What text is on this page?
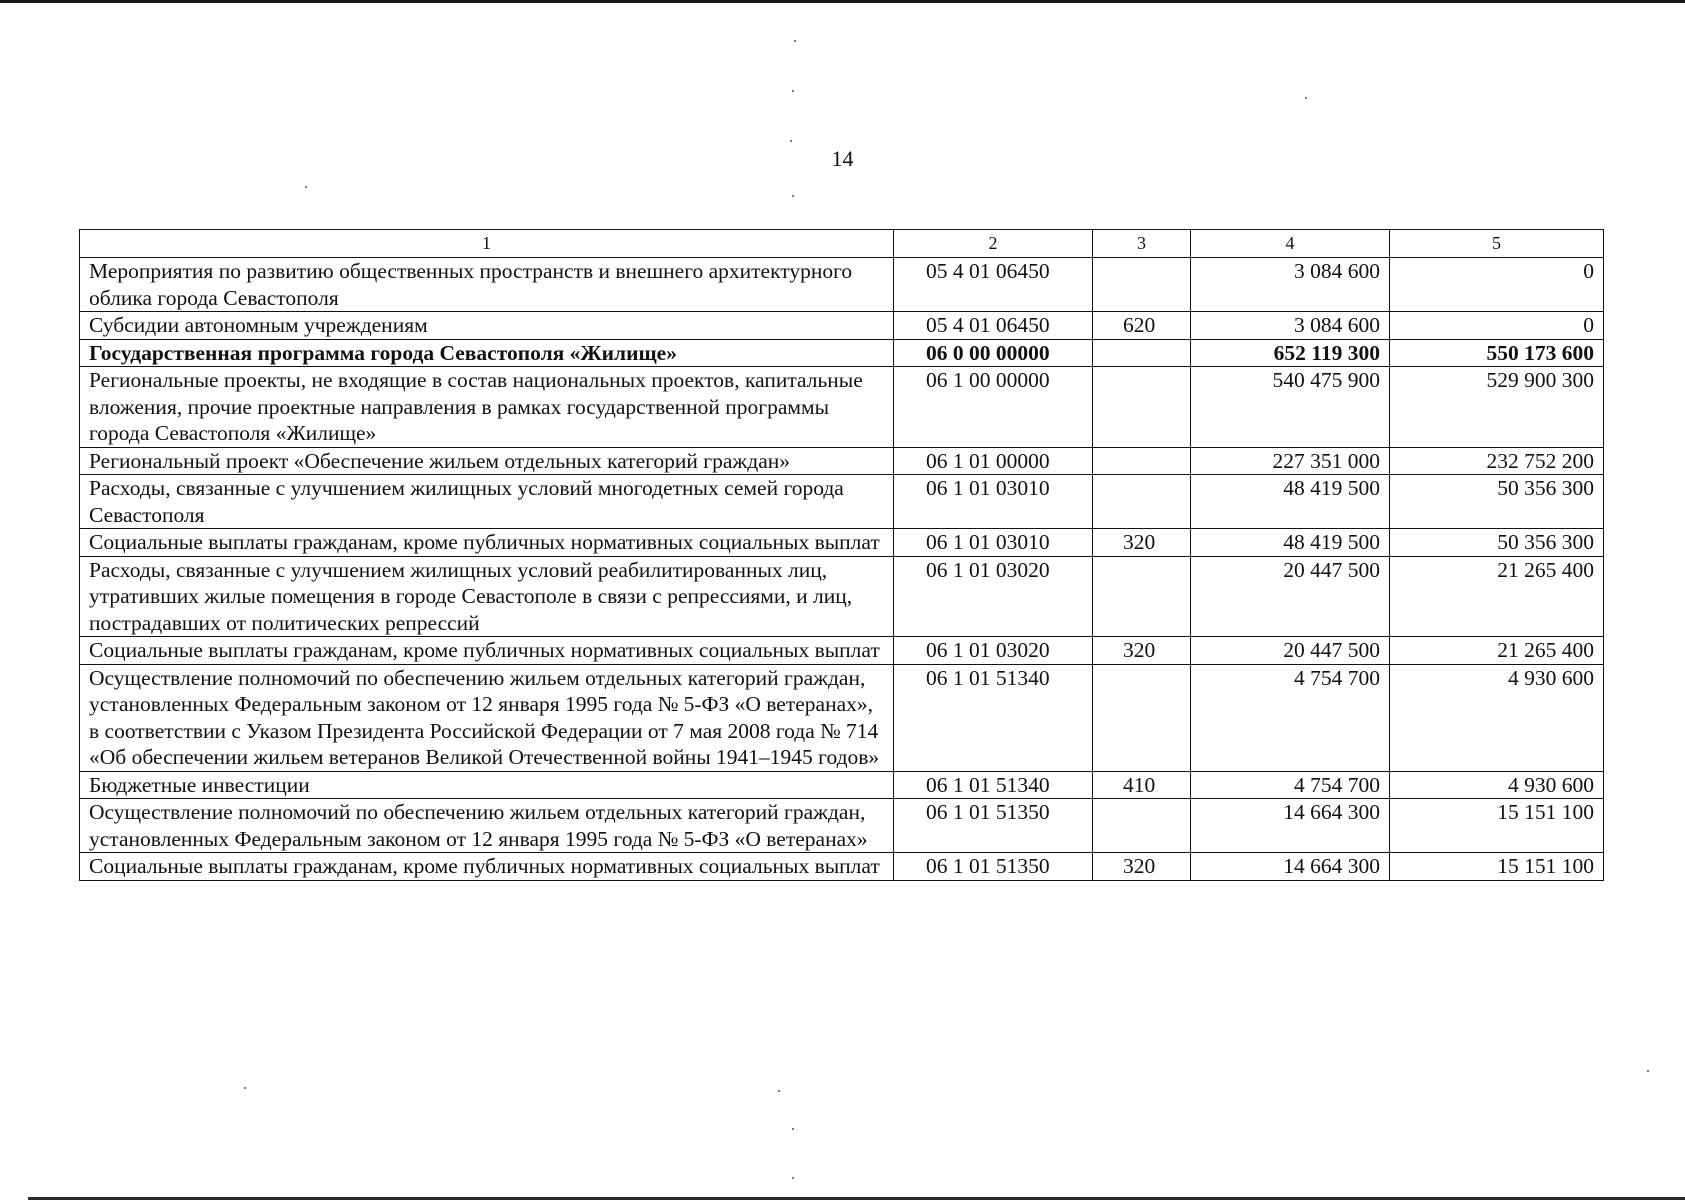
14
1	2	3	4	5
Мероприятия по развитию общественных пространств и внешнего архитектурного облика города Севастополя	05 4 01 06450		3 084 600	0
Субсидии автономным учреждениям	05 4 01 06450	620	3 084 600	0
Государственная программа города Севастополя «Жилище»	06 0 00 00000		652 119 300	550 173 600
Региональные проекты, не входящие в состав национальных проектов, капитальные вложения, прочие проектные направления в рамках государственной программы города Севастополя «Жилище»	06 1 00 00000		540 475 900	529 900 300
Региональный проект «Обеспечение жильем отдельных категорий граждан»	06 1 01 00000		227 351 000	232 752 200
Расходы, связанные с улучшением жилищных условий многодетных семей города Севастополя	06 1 01 03010		48 419 500	50 356 300
Социальные выплаты гражданам, кроме публичных нормативных социальных выплат	06 1 01 03010	320	48 419 500	50 356 300
Расходы, связанные с улучшением жилищных условий реабилитированных лиц, утративших жилые помещения в городе Севастополе в связи с репрессиями, и лиц, пострадавших от политических репрессий	06 1 01 03020		20 447 500	21 265 400
Социальные выплаты гражданам, кроме публичных нормативных социальных выплат	06 1 01 03020	320	20 447 500	21 265 400
Осуществление полномочий по обеспечению жильем отдельных категорий граждан, установленных Федеральным законом от 12 января 1995 года № 5-ФЗ «О ветеранах», в соответствии с Указом Президента Российской Федерации от 7 мая 2008 года № 714 «Об обеспечении жильем ветеранов Великой Отечественной войны 1941–1945 годов»	06 1 01 51340		4 754 700	4 930 600
Бюджетные инвестиции	06 1 01 51340	410	4 754 700	4 930 600
Осуществление полномочий по обеспечению жильем отдельных категорий граждан, установленных Федеральным законом от 12 января 1995 года № 5-ФЗ «О ветеранах»	06 1 01 51350		14 664 300	15 151 100
Социальные выплаты гражданам, кроме публичных нормативных социальных выплат	06 1 01 51350	320	14 664 300	15 151 100
